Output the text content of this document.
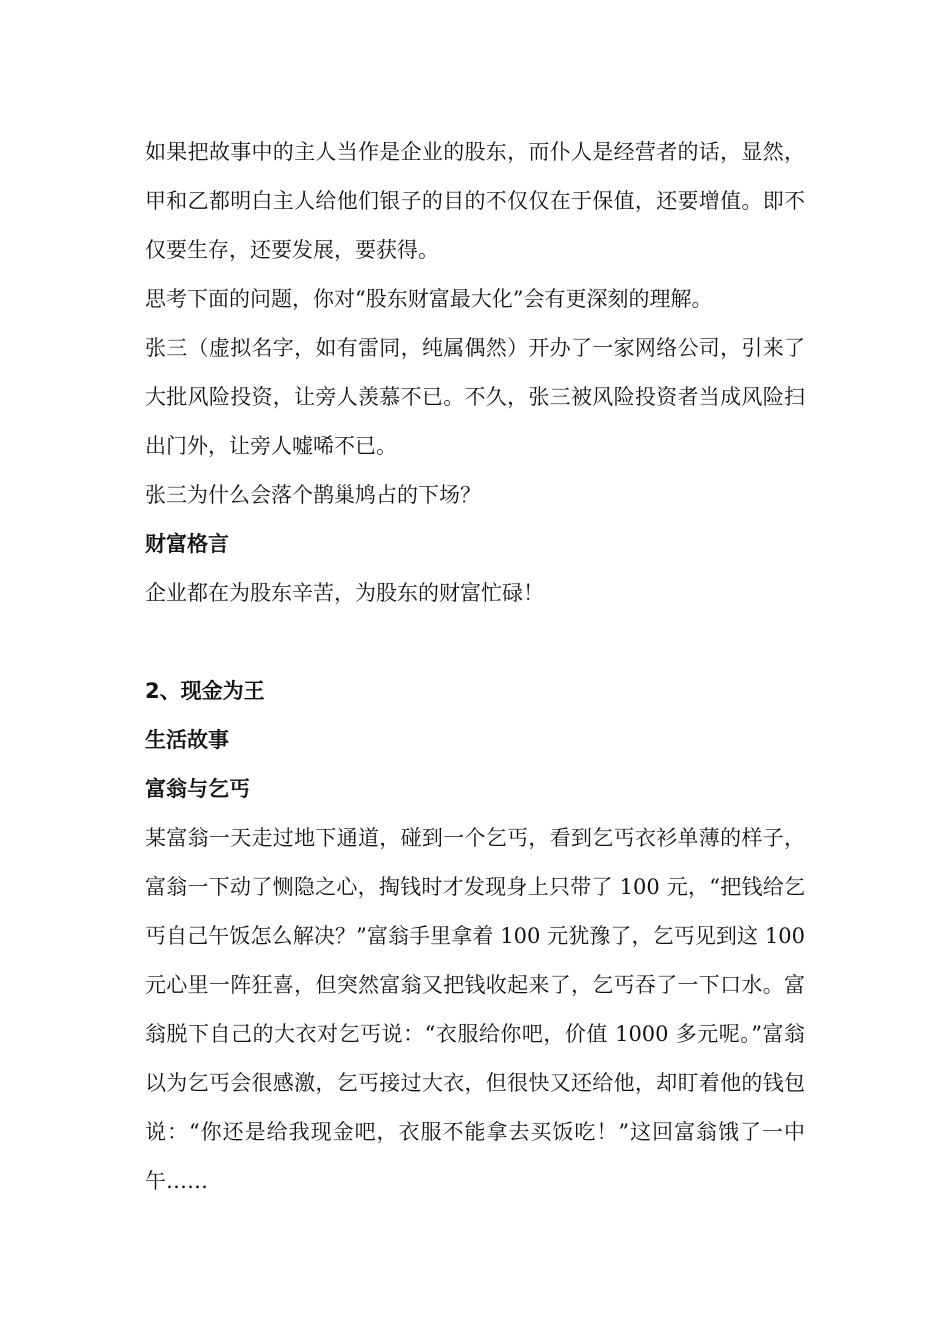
如果把故事中的主人当作是企业的股东，而仆人是经营者的话，显然，甲和乙都明白主人给他们银子的目的不仅仅在于保值，还要增值。即不仅要生存，还要发展，要获得。

思考下面的问题，你对“股东财富最大化”会有更深刻的理解。

张三（虚拟名字，如有雷同，纯属偶然）开办了一家网络公司，引来了大批风险投资，让旁人羡慕不已。不久，张三被风险投资者当成风险扫出门外，让旁人嘘唏不已。

张三为什么会落个鹊巢鸠占的下场？

财富格言

企业都在为股东辛苦，为股东的财富忙碌！

2、现金为王

生活故事

富翁与乞丐

某富翁一天走过地下通道，碰到一个乞丐，看到乞丐衣衫单薄的样子，富翁一下动了恻隐之心，掏钱时才发现身上只带了 100 元，“把钱给乞丐自己午饭怎么解决？”富翁手里拿着 100 元犹豫了，乞丐见到这 100 元心里一阵狂喜，但突然富翁又把钱收起来了，乞丐吞了一下口水。富翁脱下自己的大衣对乞丐说：“衣服给你吧，价值 1000 多元呢。”富翁以为乞丐会很感激，乞丐接过大衣，但很快又还给他，却盯着他的钱包说：“你还是给我现金吧，衣服不能拿去买饭吃！”这回富翁饿了一中午……
